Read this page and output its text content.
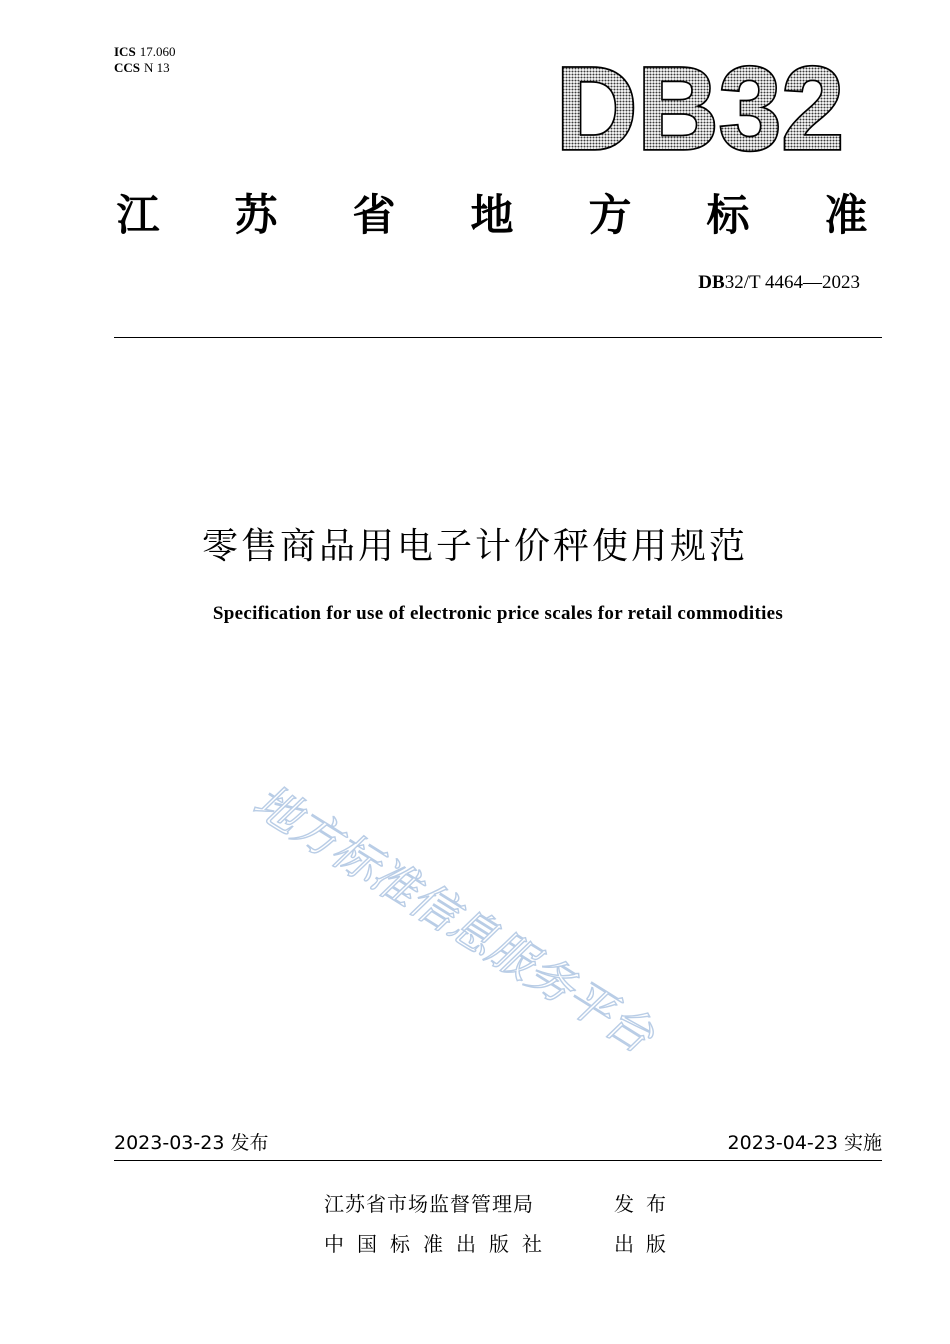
ICS 17.060
CCS N 13	DB32
江 苏 省 地 方 标 准
DB32/T 4464—2023
零售商品用电子计价秤使用规范
Specification for use of electronic price scales for retail commodities
地方标准信息服务平台
2023-03-23 发布	2023-04-23 实施
江苏省市场监督管理局	发布
中国标准出版社	出版
